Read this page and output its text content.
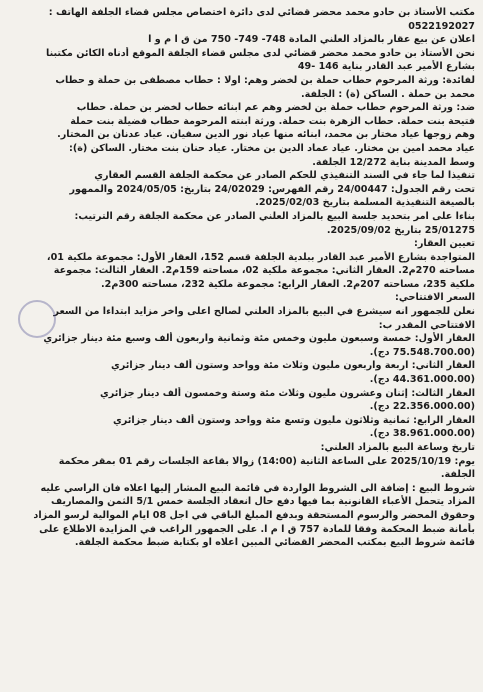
مكتب الأستاذ بن حادو محمد محضر قضائي لدى دائرة اختصاص مجلس قضاء الجلفة الهاتف :
0522192027
اعلان عن بيع عقار بالمزاد العلني المادة 748- 749- 750 من ق ا م و ا
نحن الأستاذ بن حادو محمد محضر قضائي لدى مجلس قضاء الجلفة الموقع أدناه الكائن مكتبنا
بشارع الأمير عبد القادر بناية 146 -49
لفائدة: ورثة المرحوم حطاب حملة بن لخضر وهم: اولا : حطاب مصطفى بن حملة و حطاب
محمد بن حملة . الساكن (ة) : الجلفة.
ضد: ورثة المرحوم حطاب حملة بن لخضر وهم عم ابنائه حطاب لخضر بن حملة. حطاب
فتيحة بنت حملة. حطاب الزهرة بنت حملة. ورثة ابنته المرحومة حطاب فضيلة بنت حملة
وهم زوجها عياد مختار بن محمد، ابنائه منها عياد نور الدين سفيان. عياد عدنان بن المختار.
عياد محمد امين بن مختار. عياد عماد الدين بن مختار. عياد حنان بنت مختار. الساكن (ة):
وسط المدينة بناية 12/272 الجلفة.
تنفيذا لما جاء في السند التنفيذي للحكم الصادر عن محكمة الجلفة القسم العقاري
تحت رقم الجدول: 24/00447 رقم الفهرس: 24/02029 بتاريخ: 2024/05/05 والممهور
بالصيغة التنفيذية المسلمة بتاريخ 2025/02/03.
بناءا على امر بتحديد جلسة البيع بالمزاد العلني الصادر عن محكمة الجلفة رقم الترتيب:
25/01275 بتاريخ 2025/09/02.
تعيين العقار:
المتواجدة بشارع الأمير عبد القادر ببلدية الجلفة قسم 152، العقار الأول: مجموعة ملكية 01،
مساحته 270م2. العقار الثاني: مجموعة ملكية 02، مساحته 159م2. العقار الثالث: مجموعة
ملكية 235، مساحته 207م2. العقار الرابع: مجموعة ملكية 232، مساحته 300م2.
السعر الافتتاحي:
نعلن للجمهور انه سيشرع في البيع بالمزاد العلني لصالح اعلى واخر مزايد ابتداءا من السعر
الافتتاحي المقدر ب:
العقار الأول: خمسة وسبعون مليون وخمس مئة وثمانية واربعون ألف وسبع مئة دينار جزائري
(75.548.700.00 دج).
العقار الثاني: اربعة واربعون مليون وثلاث مئة وواحد وستون ألف دينار جزائري
(44.361.000.00 دج).
العقار الثالث: إثنان وعشرون مليون وثلاث مئة وستة وخمسون ألف دينار جزائري
(22.356.000.00 دج).
العقار الرابع: ثمانية وثلاثون مليون وتسع مئة وواحد وستون ألف دينار جزائري
(38.961.000.00 دج).
تاريخ وساعة البيع بالمزاد العلني:
يوم: 2025/10/19 على الساعة الثانية (14:00) زوالا بقاعة الجلسات رقم 01 بمقر محكمة
الجلفة.
شروط البيع : إضافة الى الشروط الواردة في قائمة البيع المشار إليها اعلاه فان الراسي عليه
المزاد يتحمل الأعباء القانونية بما فيها دفع حال انعقاد الجلسة خمس 5/1 الثمن والمصاريف
وحقوق المحضر والرسوم المستحقة وبدفع المبلغ الباقي في اجل 08 ايام الموالية لرسو المزاد
بأمانة ضبط المحكمة وفقا للمادة 757 ق ا م ا. على الجمهور الراغب في المزايدة الاطلاع على
قائمة شروط البيع بمكتب المحضر القضائي المبين اعلاه او بكتابة ضبط محكمة الجلفة.
